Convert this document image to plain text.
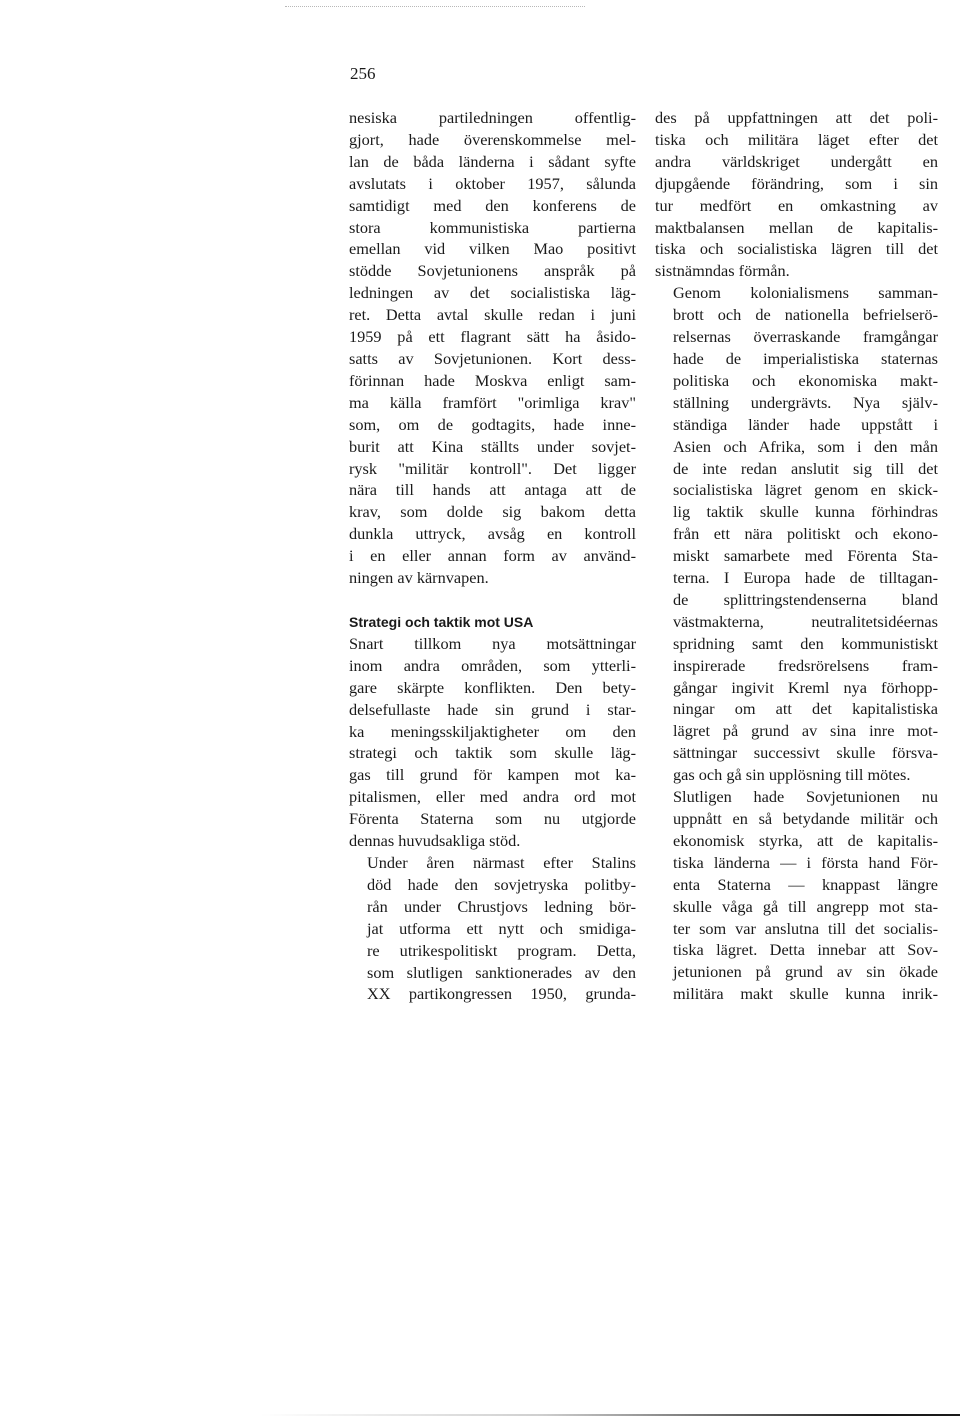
256

nesiska partiledningen offentlig-
gjort, hade överenskommelse mel-
lan de båda länderna i sådant syfte
avslutats i oktober 1957, sålunda
samtidigt med den konferens de
stora kommunistiska partierna
emellan vid vilken Mao positivt
stödde Sovjetunionens anspråk på
ledningen av det socialistiska läg-
ret. Detta avtal skulle redan i juni
1959 på ett flagrant sätt ha åsido-
satts av Sovjetunionen. Kort dess-
förinnan hade Moskva enligt sam-
ma källa framfört "orimliga krav"
som, om de godtagits, hade inne-
burit att Kina ställts under sovjet-
rysk "militär kontroll". Det ligger
nära till hands att antaga att de
krav, som dolde sig bakom detta
dunkla uttryck, avsåg en kontroll
i en eller annan form av använd-
ningen av kärnvapen.

Strategi och taktik mot USA

Snart tillkom nya motsättningar
inom andra områden, som ytterli-
gare skärpte konflikten. Den bety-
delsefullaste hade sin grund i star-
ka meningsskiljaktigheter om den
strategi och taktik som skulle läg-
gas till grund för kampen mot ka-
pitalismen, eller med andra ord mot
Förenta Staterna som nu utgjorde
dennas huvudsakliga stöd.

Under åren närmast efter Stalins
död hade den sovjetryska politby-
rån under Chrustjovs ledning bör-
jat utforma ett nytt och smidiga-
re utrikespolitiskt program. Detta,
som slutligen sanktionerades av den
XX partikongressen 1950, grunda-

des på uppfattningen att det poli-
tiska och militära läget efter det
andra världskriget undergått en
djupgående förändring, som i sin
tur medfört en omkastning av
maktbalansen mellan de kapitalis-
tiska och socialistiska lägren till det
sistnämndas förmån.

Genom kolonialismens samman-
brott och de nationella befrielserö-
relsernas överraskande framgångar
hade de imperialistiska staternas
politiska och ekonomiska makt-
ställning undergrävts. Nya själv-
ständiga länder hade uppstått i
Asien och Afrika, som i den mån
de inte redan anslutit sig till det
socialistiska lägret genom en skick-
lig taktik skulle kunna förhindras
från ett nära politiskt och ekono-
miskt samarbete med Förenta Sta-
terna. I Europa hade de tilltagan-
de splittringstendenserna bland
västmakterna, neutralitetsidéernas
spridning samt den kommunistiskt
inspirerade fredsrörelsens fram-
gångar ingivit Kreml nya förhopp-
ningar om att det kapitalistiska
lägret på grund av sina inre mot-
sättningar successivt skulle försva-
gas och gå sin upplösning till mötes.

Slutligen hade Sovjetunionen nu
uppnått en så betydande militär och
ekonomisk styrka, att de kapitalis-
tiska länderna — i första hand För-
enta Staterna — knappast längre
skulle våga gå till angrepp mot sta-
ter som var anslutna till det socialis-
tiska lägret. Detta innebar att Sov-
jetunionen på grund av sin ökade
militära makt skulle kunna inrik-
